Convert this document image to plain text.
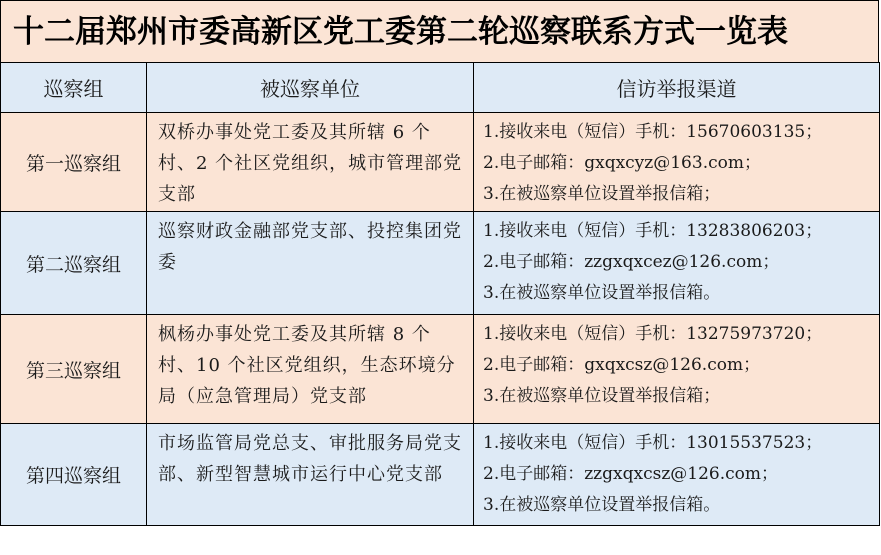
十二届郑州市委高新区党工委第二轮巡察联系方式一览表
巡察组	被巡察单位	信访举报渠道
第一巡察组	双桥办事处党工委及其所辖 6 个村、2 个社区党组织，城市管理部党支部	1.接收来电（短信）手机：15670603135；
2.电子邮箱：gxqxcyz@163.com；
3.在被巡察单位设置举报信箱；

第二巡察组	巡察财政金融部党支部、投控集团党委	1.接收来电（短信）手机：13283806203；
2.电子邮箱：zzgxqxcez@126.com；
3.在被巡察单位设置举报信箱。

第三巡察组	枫杨办事处党工委及其所辖 8 个村、10 个社区党组织，生态环境分局（应急管理局）党支部	1.接收来电（短信）手机：13275973720；
2.电子邮箱：gxqxcsz@126.com；
3.在被巡察单位设置举报信箱；

第四巡察组	市场监管局党总支、审批服务局党支部、新型智慧城市运行中心党支部	1.接收来电（短信）手机：13015537523；
2.电子邮箱：zzgxqxcsz@126.com；
3.在被巡察单位设置举报信箱。
